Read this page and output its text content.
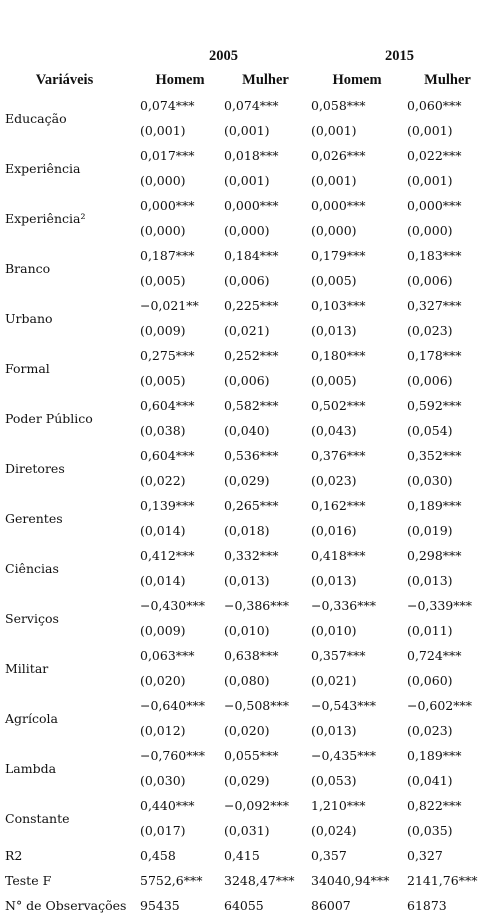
	2005		2015	
Variáveis	Homem	Mulher	Homem	Mulher
Educação	0,074***	0,074***	0,058***	0,060***
	(0,001)	(0,001)	(0,001)	(0,001)
Experiência	0,017***	0,018***	0,026***	0,022***
	(0,000)	(0,001)	(0,001)	(0,001)
Experiência²	0,000***	0,000***	0,000***	0,000***
	(0,000)	(0,000)	(0,000)	(0,000)
Branco	0,187***	0,184***	0,179***	0,183***
	(0,005)	(0,006)	(0,005)	(0,006)
Urbano	−0,021**	0,225***	0,103***	0,327***
	(0,009)	(0,021)	(0,013)	(0,023)
Formal	0,275***	0,252***	0,180***	0,178***
	(0,005)	(0,006)	(0,005)	(0,006)
Poder Público	0,604***	0,582***	0,502***	0,592***
	(0,038)	(0,040)	(0,043)	(0,054)
Diretores	0,604***	0,536***	0,376***	0,352***
	(0,022)	(0,029)	(0,023)	(0,030)
Gerentes	0,139***	0,265***	0,162***	0,189***
	(0,014)	(0,018)	(0,016)	(0,019)
Ciências	0,412***	0,332***	0,418***	0,298***
	(0,014)	(0,013)	(0,013)	(0,013)
Serviços	−0,430***	−0,386***	−0,336***	−0,339***
	(0,009)	(0,010)	(0,010)	(0,011)
Militar	0,063***	0,638***	0,357***	0,724***
	(0,020)	(0,080)	(0,021)	(0,060)
Agrícola	−0,640***	−0,508***	−0,543***	−0,602***
	(0,012)	(0,020)	(0,013)	(0,023)
Lambda	−0,760***	0,055***	−0,435***	0,189***
	(0,030)	(0,029)	(0,053)	(0,041)
Constante	0,440***	−0,092***	1,210***	0,822***
	(0,017)	(0,031)	(0,024)	(0,035)
R2	0,458	0,415	0,357	0,327
Teste F	5752,6***	3248,47***	34040,94***	2141,76***
N° de Observações	95435	64055	86007	61873
